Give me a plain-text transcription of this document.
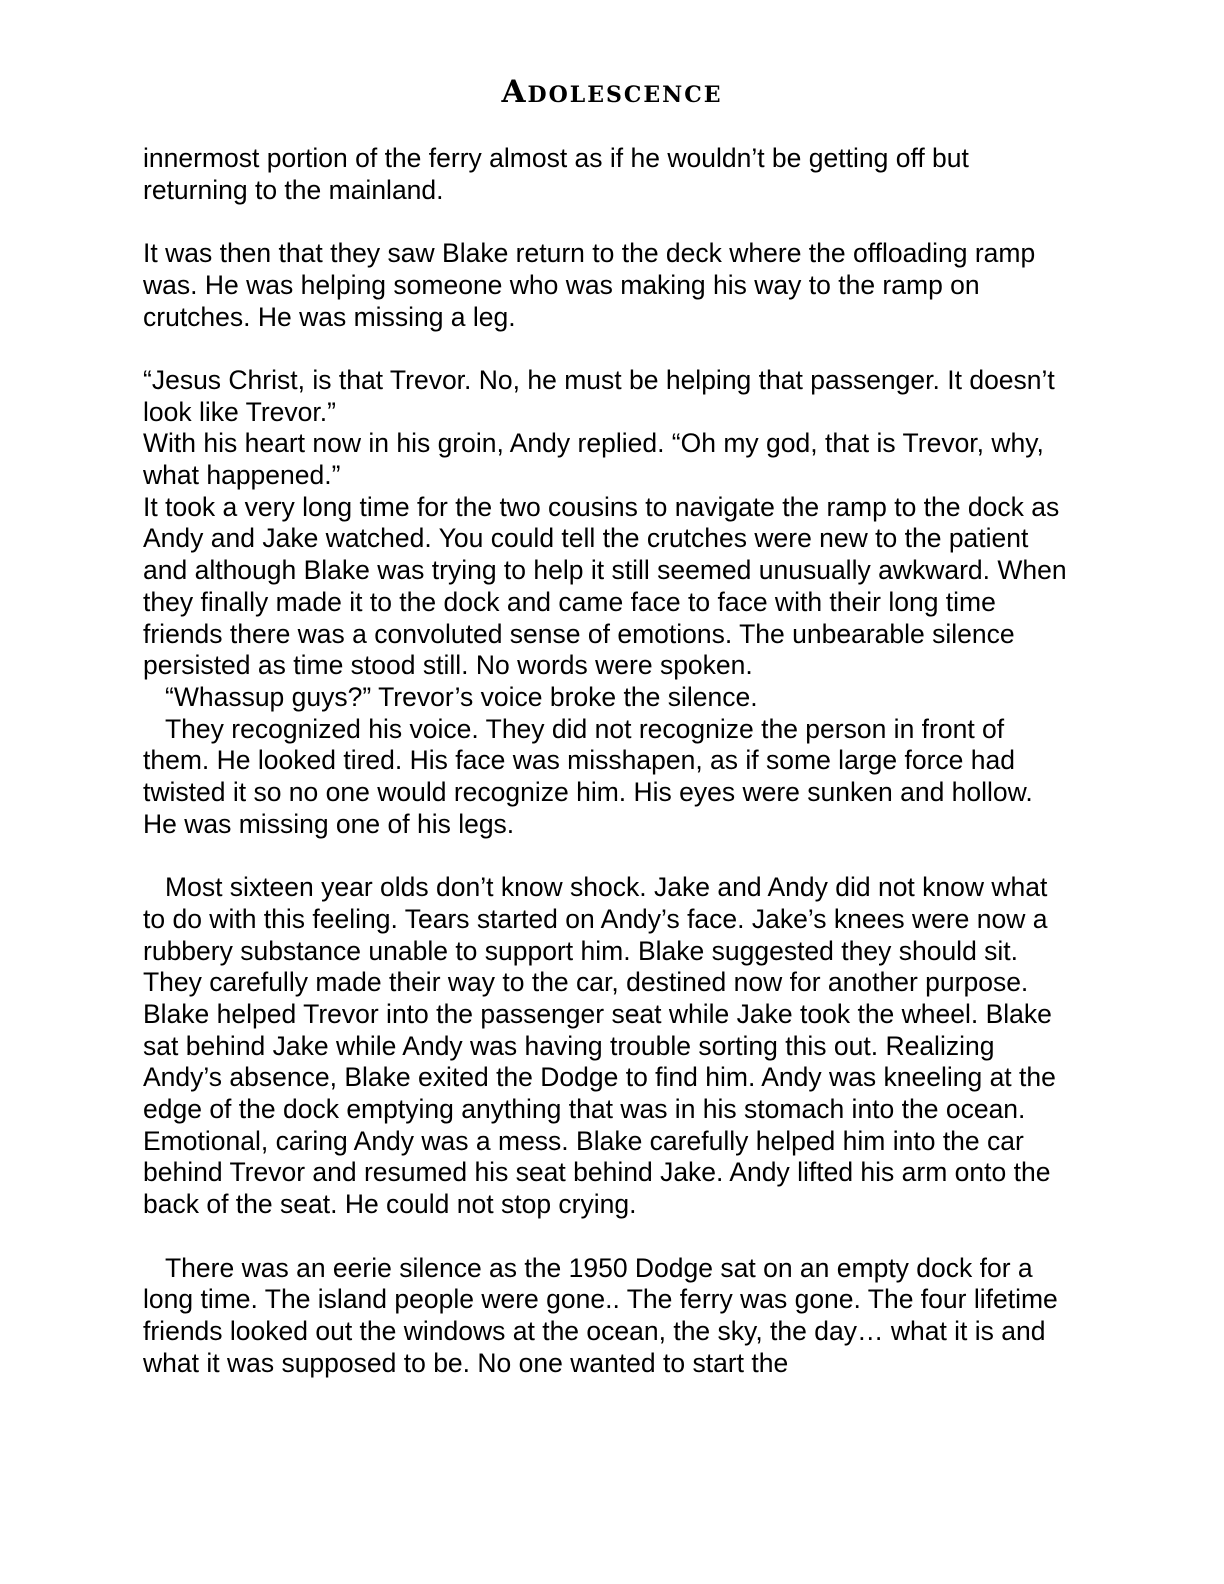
Adolescence

innermost portion of the ferry almost as if he wouldn’t be getting off but returning to the mainland.

It was then that they saw Blake return to the deck where the offloading ramp was. He was helping someone who was making his way to the ramp on crutches. He was missing a leg.

“Jesus Christ, is that Trevor. No, he must be helping that passenger. It doesn’t look like Trevor.”

With his heart now in his groin, Andy replied. “Oh my god, that is Trevor, why, what happened.”

It took a very long time for the two cousins to navigate the ramp to the dock as Andy and Jake watched. You could tell the crutches were new to the patient and although Blake was trying to help it still seemed unusually awkward. When they finally made it to the dock and came face to face with their long time friends there was a convoluted sense of emotions. The unbearable silence persisted as time stood still. No words were spoken.

“Whassup guys?” Trevor’s voice broke the silence.

They recognized his voice. They did not recognize the person in front of them. He looked tired. His face was misshapen, as if some large force had twisted it so no one would recognize him. His eyes were sunken and hollow. He was missing one of his legs.

Most sixteen year olds don’t know shock. Jake and Andy did not know what to do with this feeling. Tears started on Andy’s face. Jake’s knees were now a rubbery substance unable to support him. Blake suggested they should sit. They carefully made their way to the car, destined now for another purpose. Blake helped Trevor into the passenger seat while Jake took the wheel. Blake sat behind Jake while Andy was having trouble sorting this out. Realizing Andy’s absence, Blake exited the Dodge to find him. Andy was kneeling at the edge of the dock emptying anything that was in his stomach into the ocean. Emotional, caring Andy was a mess. Blake carefully helped him into the car behind Trevor and resumed his seat behind Jake. Andy lifted his arm onto the back of the seat. He could not stop crying.

There was an eerie silence as the 1950 Dodge sat on an empty dock for a long time. The island people were gone.. The ferry was gone. The four lifetime friends looked out the windows at the ocean, the sky, the day… what it is and what it was supposed to be. No one wanted to start the
